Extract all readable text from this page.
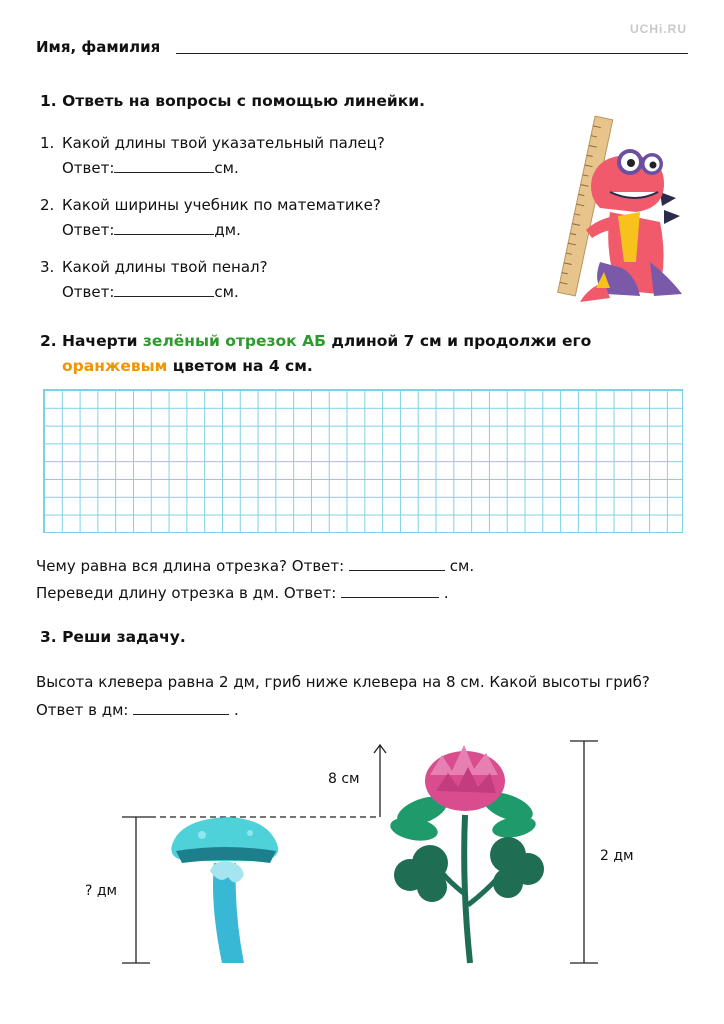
UCHi.RU
Имя, фамилия
1. Ответь на вопросы с помощью линейки.
1. Какой длины твой указательный палец?
Ответ:	см.
2. Какой ширины учебник по математике?
Ответ:	дм.
3. Какой длины твой пенал?
Ответ:	см.
2. Начерти зелёный отрезок АБ длиной 7 см и продолжи его
оранжевым цветом на 4 см.
Чему равна вся длина отрезка? Ответ:	см.
Переведи длину отрезка в дм. Ответ:	.
3. Реши задачу.
Высота клевера равна 2 дм, гриб ниже клевера на 8 см. Какой высоты гриб?
Ответ в дм:	.
8 см
? дм
2 дм
